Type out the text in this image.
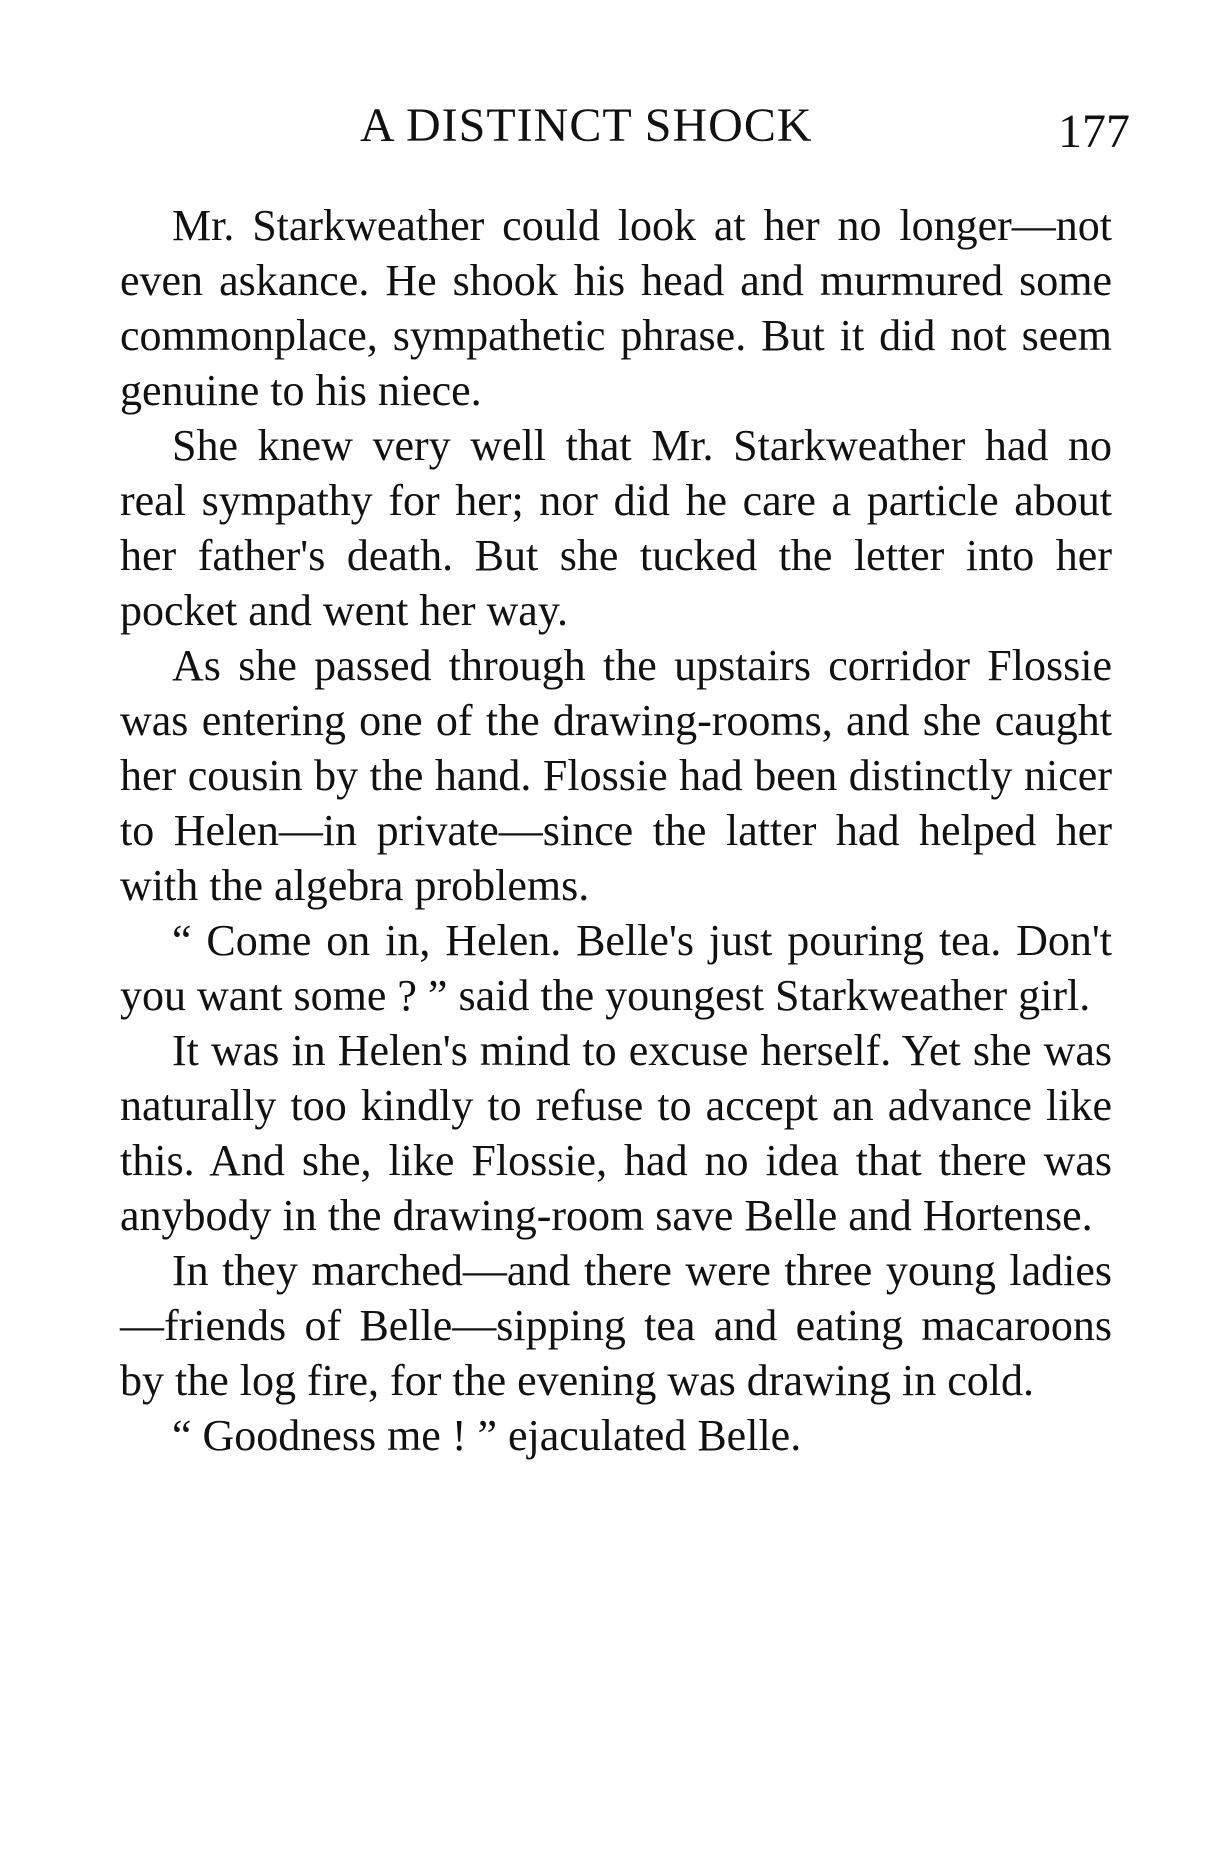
A DISTINCT SHOCK	177

Mr. Starkweather could look at her no longer—not even askance. He shook his head and murmured some commonplace, sympathetic phrase. But it did not seem genuine to his niece.

She knew very well that Mr. Starkweather had no real sympathy for her; nor did he care a particle about her father's death. But she tucked the letter into her pocket and went her way.

As she passed through the upstairs corridor Flossie was entering one of the drawing-rooms, and she caught her cousin by the hand. Flossie had been distinctly nicer to Helen—in private—since the latter had helped her with the algebra problems.

“ Come on in, Helen. Belle's just pouring tea. Don't you want some ? ” said the youngest Starkweather girl.

It was in Helen's mind to excuse herself. Yet she was naturally too kindly to refuse to accept an advance like this. And she, like Flossie, had no idea that there was anybody in the drawing-room save Belle and Hortense.

In they marched—and there were three young ladies—friends of Belle—sipping tea and eating macaroons by the log fire, for the evening was drawing in cold.

“ Goodness me ! ” ejaculated Belle.
